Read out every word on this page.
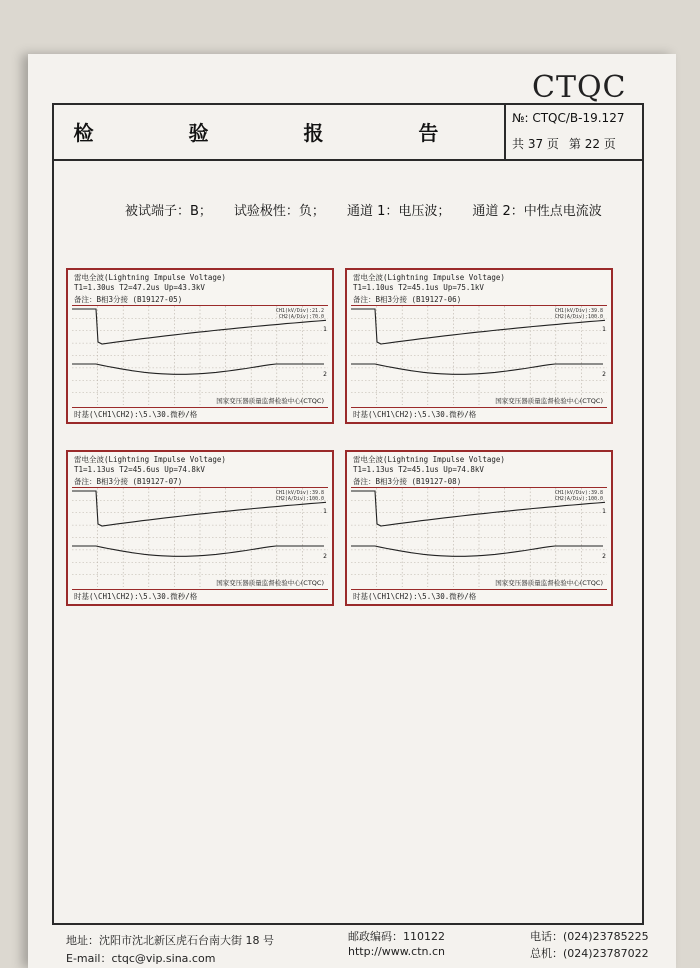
CTQC
检 验 报 告
№: CTQC/B-19.127
共 37 页 第 22 页
被试端子：B； 试验极性：负； 通道 1：电压波； 通道 2：中性点电流波
雷电全波(Lightning Impulse Voltage)
T1=1.30us T2=47.2us Up=43.3kV
备注：B相3分接 (B19127-05)
CH1(kV/Div):21.2
CH2(A/Div):70.0
1
2
国家变压器质量监督检验中心(CTQC)
时基(\CH1\CH2):\5.\30.微秒/格
雷电全波(Lightning Impulse Voltage)
T1=1.10us T2=45.1us Up=75.1kV
备注：B相3分接 (B19127-06)
CH1(kV/Div):39.8
CH2(A/Div):100.0
1
2
国家变压器质量监督检验中心(CTQC)
时基(\CH1\CH2):\5.\30.微秒/格
雷电全波(Lightning Impulse Voltage)
T1=1.13us T2=45.6us Up=74.8kV
备注：B相3分接 (B19127-07)
CH1(kV/Div):39.8
CH2(A/Div):100.0
1
2
国家变压器质量监督检验中心(CTQC)
时基(\CH1\CH2):\5.\30.微秒/格
雷电全波(Lightning Impulse Voltage)
T1=1.13us T2=45.1us Up=74.8kV
备注：B相3分接 (B19127-08)
CH1(kV/Div):39.8
CH2(A/Div):100.0
1
2
国家变压器质量监督检验中心(CTQC)
时基(\CH1\CH2):\5.\30.微秒/格
地址：沈阳市沈北新区虎石台南大街 18 号
E-mail：ctqc@vip.sina.com
邮政编码：110122
http://www.ctn.cn
电话：(024)23785225
总机：(024)23787022
